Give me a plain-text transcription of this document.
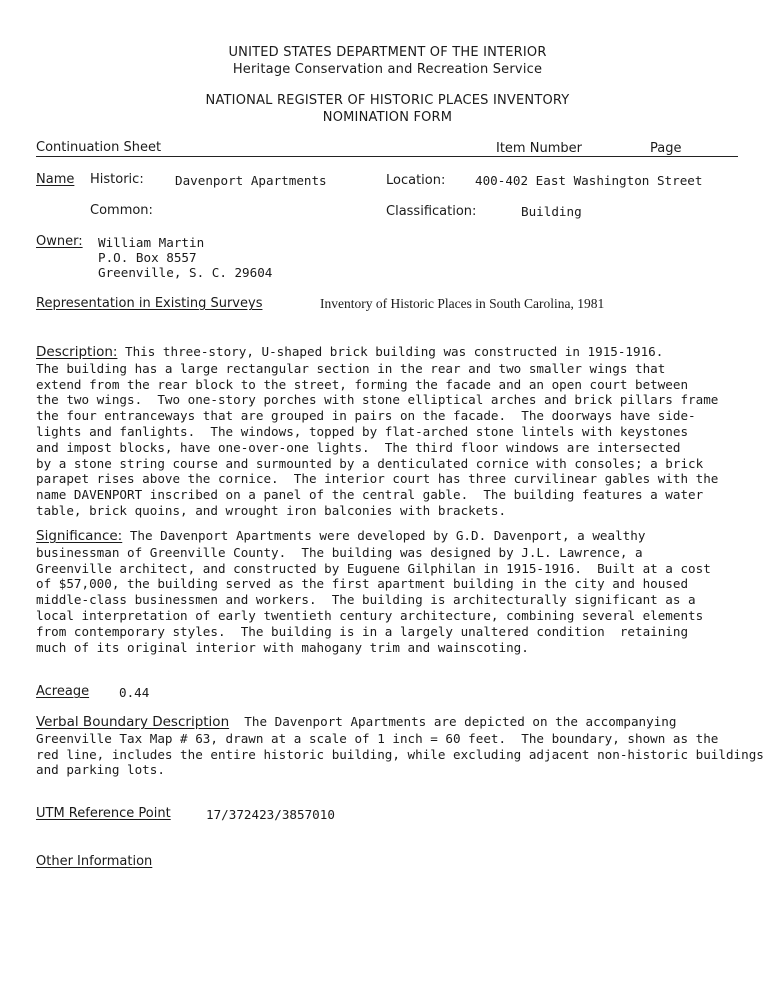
UNITED STATES DEPARTMENT OF THE INTERIOR
Heritage Conservation and Recreation Service
NATIONAL REGISTER OF HISTORIC PLACES INVENTORY
NOMINATION FORM
Continuation Sheet	Item Number	Page
Name Historic: Davenport Apartments	Location: 400-402 East Washington Street
Common:	Classification:	Building
Owner: William Martin
P.O. Box 8557
Greenville, S. C. 29604
Representation in Existing Surveys	Inventory of Historic Places in South Carolina, 1981
Description: This three-story, U-shaped brick building was constructed in 1915-1916.
The building has a large rectangular section in the rear and two smaller wings that
extend from the rear block to the street, forming the facade and an open court between
the two wings.  Two one-story porches with stone elliptical arches and brick pillars frame
the four entranceways that are grouped in pairs on the facade.  The doorways have side-
lights and fanlights.  The windows, topped by flat-arched stone lintels with keystones
and impost blocks, have one-over-one lights.  The third floor windows are intersected
by a stone string course and surmounted by a denticulated cornice with consoles; a brick
parapet rises above the cornice.  The interior court has three curvilinear gables with the
name DAVENPORT inscribed on a panel of the central gable.  The building features a water
table, brick quoins, and wrought iron balconies with brackets.
Significance: The Davenport Apartments were developed by G.D. Davenport, a wealthy
businessman of Greenville County.  The building was designed by J.L. Lawrence, a
Greenville architect, and constructed by Euguene Gilphilan in 1915-1916.  Built at a cost
of $57,000, the building served as the first apartment building in the city and housed
middle-class businessmen and workers.  The building is architecturally significant as a
local interpretation of early twentieth century architecture, combining several elements
from contemporary styles.  The building is in a largely unaltered condition  retaining
much of its original interior with mahogany trim and wainscoting.
Acreage 0.44
Verbal Boundary Description  The Davenport Apartments are depicted on the accompanying
Greenville Tax Map # 63, drawn at a scale of 1 inch = 60 feet.  The boundary, shown as the
red line, includes the entire historic building, while excluding adjacent non-historic buildings
and parking lots.
UTM Reference Point	17/372423/3857010
Other Information
